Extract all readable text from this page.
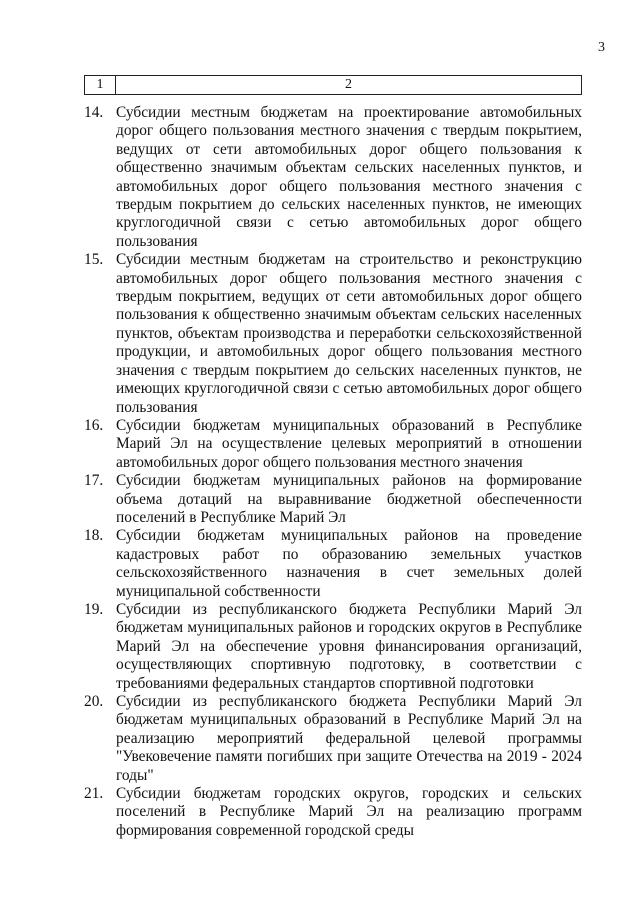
3
1	2
14. Субсидии местным бюджетам на проектирование автомобильных дорог общего пользования местного значения с твердым покрытием, ведущих от сети автомобильных дорог общего пользования к общественно значимым объектам сельских населенных пунктов, и автомобильных дорог общего пользования местного значения с твердым покрытием до сельских населенных пунктов, не имеющих круглогодичной связи с сетью автомобильных дорог общего пользования
15. Субсидии местным бюджетам на строительство и реконструкцию автомобильных дорог общего пользования местного значения с твердым покрытием, ведущих от сети автомобильных дорог общего пользования к общественно значимым объектам сельских населенных пунктов, объектам производства и переработки сельскохозяйственной продукции, и автомобильных дорог общего пользования местного значения с твердым покрытием до сельских населенных пунктов, не имеющих круглогодичной связи с сетью автомобильных дорог общего пользования
16. Субсидии бюджетам муниципальных образований в Республике Марий Эл на осуществление целевых мероприятий в отношении автомобильных дорог общего пользования местного значения
17. Субсидии бюджетам муниципальных районов на формирование объема дотаций на выравнивание бюджетной обеспеченности поселений в Республике Марий Эл
18. Субсидии бюджетам муниципальных районов на проведение кадастровых работ по образованию земельных участков сельскохозяйственного назначения в счет земельных долей муниципальной собственности
19. Субсидии из республиканского бюджета Республики Марий Эл бюджетам муниципальных районов и городских округов в Республике Марий Эл на обеспечение уровня финансирования организаций, осуществляющих спортивную подготовку, в соответствии с требованиями федеральных стандартов спортивной подготовки
20. Субсидии из республиканского бюджета Республики Марий Эл бюджетам муниципальных образований в Республике Марий Эл на реализацию мероприятий федеральной целевой программы "Увековечение памяти погибших при защите Отечества на 2019 - 2024 годы"
21. Субсидии бюджетам городских округов, городских и сельских поселений в Республике Марий Эл на реализацию программ формирования современной городской среды
